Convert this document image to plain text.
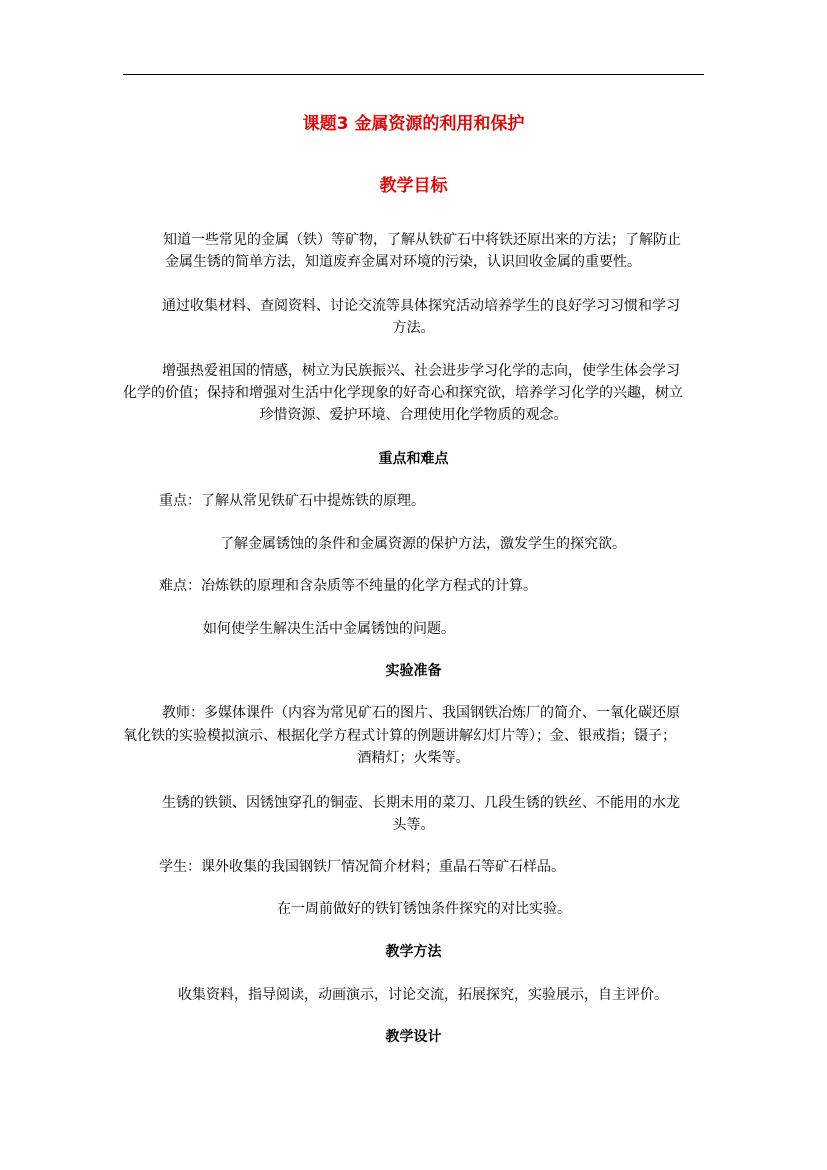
课题3 金属资源的利用和保护
教学目标
知道一些常见的金属（铁）等矿物，了解从铁矿石中将铁还原出来的方法；了解防止
金属生锈的简单方法，知道废弃金属对环境的污染，认识回收金属的重要性。
通过收集材料、查阅资料、讨论交流等具体探究活动培养学生的良好学习习惯和学习
方法。
增强热爱祖国的情感，树立为民族振兴、社会进步学习化学的志向，使学生体会学习
化学的价值；保持和增强对生活中化学现象的好奇心和探究欲，培养学习化学的兴趣，树立
珍惜资源、爱护环境、合理使用化学物质的观念。
重点和难点
重点：了解从常见铁矿石中提炼铁的原理。
了解金属锈蚀的条件和金属资源的保护方法，激发学生的探究欲。
难点：冶炼铁的原理和含杂质等不纯量的化学方程式的计算。
如何使学生解决生活中金属锈蚀的问题。
实验准备
教师：多媒体课件（内容为常见矿石的图片、我国钢铁冶炼厂的简介、一氧化碳还原
氧化铁的实验模拟演示、根据化学方程式计算的例题讲解幻灯片等）；金、银戒指；镊子；
酒精灯；火柴等。
生锈的铁锁、因锈蚀穿孔的铜壶、长期未用的菜刀、几段生锈的铁丝、不能用的水龙
头等。
学生：课外收集的我国钢铁厂情况简介材料；重晶石等矿石样品。
在一周前做好的铁钉锈蚀条件探究的对比实验。
教学方法
收集资料，指导阅读，动画演示，讨论交流，拓展探究，实验展示，自主评价。
教学设计
